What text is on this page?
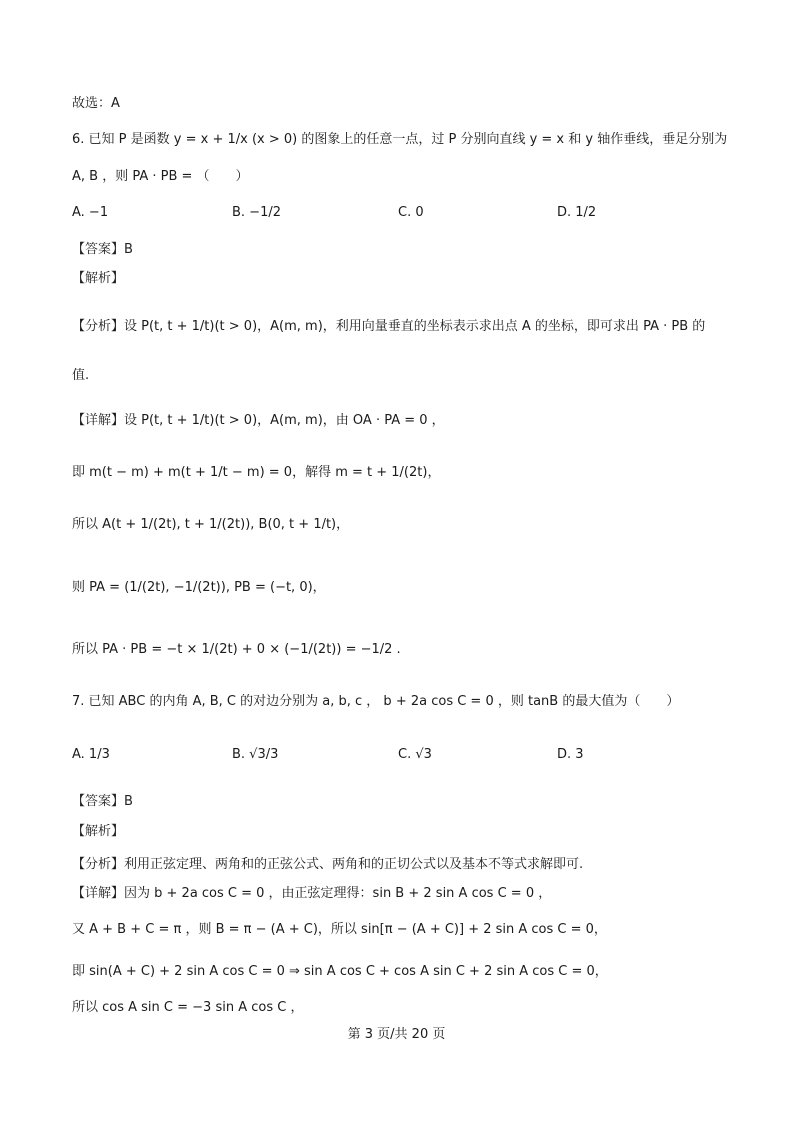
故选：A
6. 已知 P 是函数 y = x + 1/x (x > 0) 的图象上的任意一点，过 P 分别向直线 y = x 和 y 轴作垂线，垂足分别为
A, B ，则 PA · PB = （　　）
A. −1	B. −1/2	C. 0	D. 1/2
【答案】B
【解析】
【分析】设 P(t, t + 1/t)(t > 0)，A(m, m)，利用向量垂直的坐标表示求出点 A 的坐标，即可求出 PA · PB 的
值.
【详解】设 P(t, t + 1/t)(t > 0)，A(m, m)，由 OA · PA = 0 ，
即 m(t − m) + m(t + 1/t − m) = 0，解得 m = t + 1/(2t)，
所以 A(t + 1/(2t), t + 1/(2t)), B(0, t + 1/t)，
则 PA = (1/(2t), −1/(2t)), PB = (−t, 0)，
所以 PA · PB = −t × 1/(2t) + 0 × (−1/(2t)) = −1/2 .
7. 已知 ABC 的内角 A, B, C 的对边分别为 a, b, c ， b + 2a cos C = 0 ，则 tanB 的最大值为（　　）
A. 1/3	B. √3/3	C. √3	D. 3
【答案】B
【解析】
【分析】利用正弦定理、两角和的正弦公式、两角和的正切公式以及基本不等式求解即可.
【详解】因为 b + 2a cos C = 0 ，由正弦定理得：sin B + 2 sin A cos C = 0 ，
又 A + B + C = π ，则 B = π − (A + C)，所以 sin[π − (A + C)] + 2 sin A cos C = 0，
即 sin(A + C) + 2 sin A cos C = 0 ⇒ sin A cos C + cos A sin C + 2 sin A cos C = 0，
所以 cos A sin C = −3 sin A cos C ，
第 3 页/共 20 页
